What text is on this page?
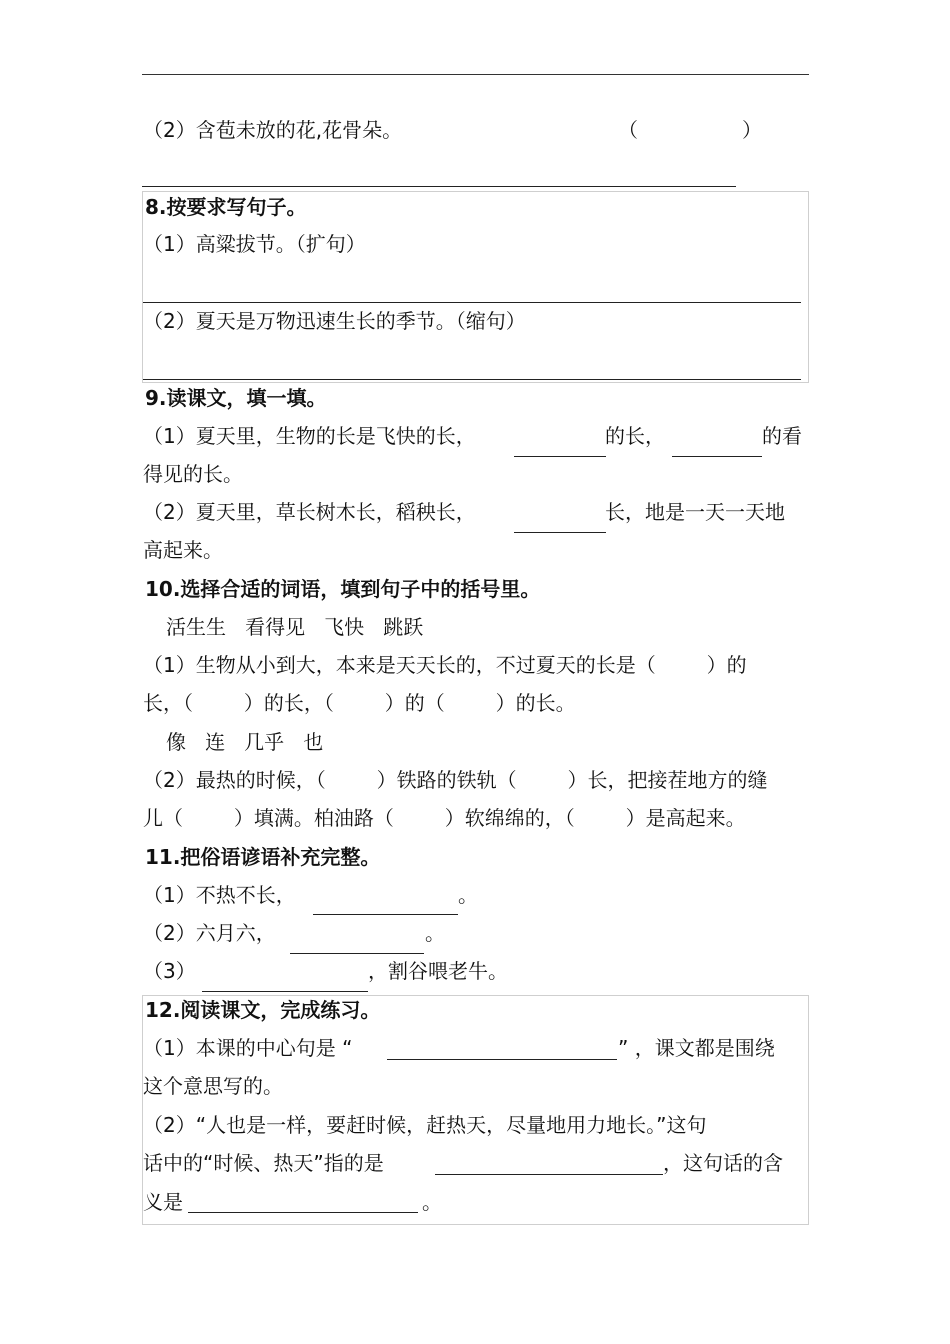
（2）含苞未放的花,花骨朵。	（	）
8.按要求写句子。
（1）高粱拔节。（扩句）
（2）夏天是万物迅速生长的季节。（缩句）
9.读课文，填一填。
（1）夏天里，生物的长是飞快的长，	的长，	的看
得见的长。
（2）夏天里，草长树木长，稻秧长，	长，地是一天一天地
高起来。
10.选择合适的词语，填到句子中的括号里。
活生生   看得见   飞快   跳跃
（1）生物从小到大，本来是天天长的，不过夏天的长是（        ）的
长，（        ）的长，（        ）的（        ）的长。
像   连   几乎   也
（2）最热的时候，（        ）铁路的铁轨（        ）长，把接茬地方的缝
儿（        ）填满。柏油路（        ）软绵绵的，（        ）是高起来。
11.把俗语谚语补充完整。
（1）不热不长，	。
（2）六月六，	。
（3）	，割谷喂老牛。
12.阅读课文，完成练习。
（1）本课的中心句是 “	” ，课文都是围绕
这个意思写的。
（2）“人也是一样，要赶时候，赶热天，尽量地用力地长。”这句
话中的“时候、热天”指的是	，这句话的含
义是	。
